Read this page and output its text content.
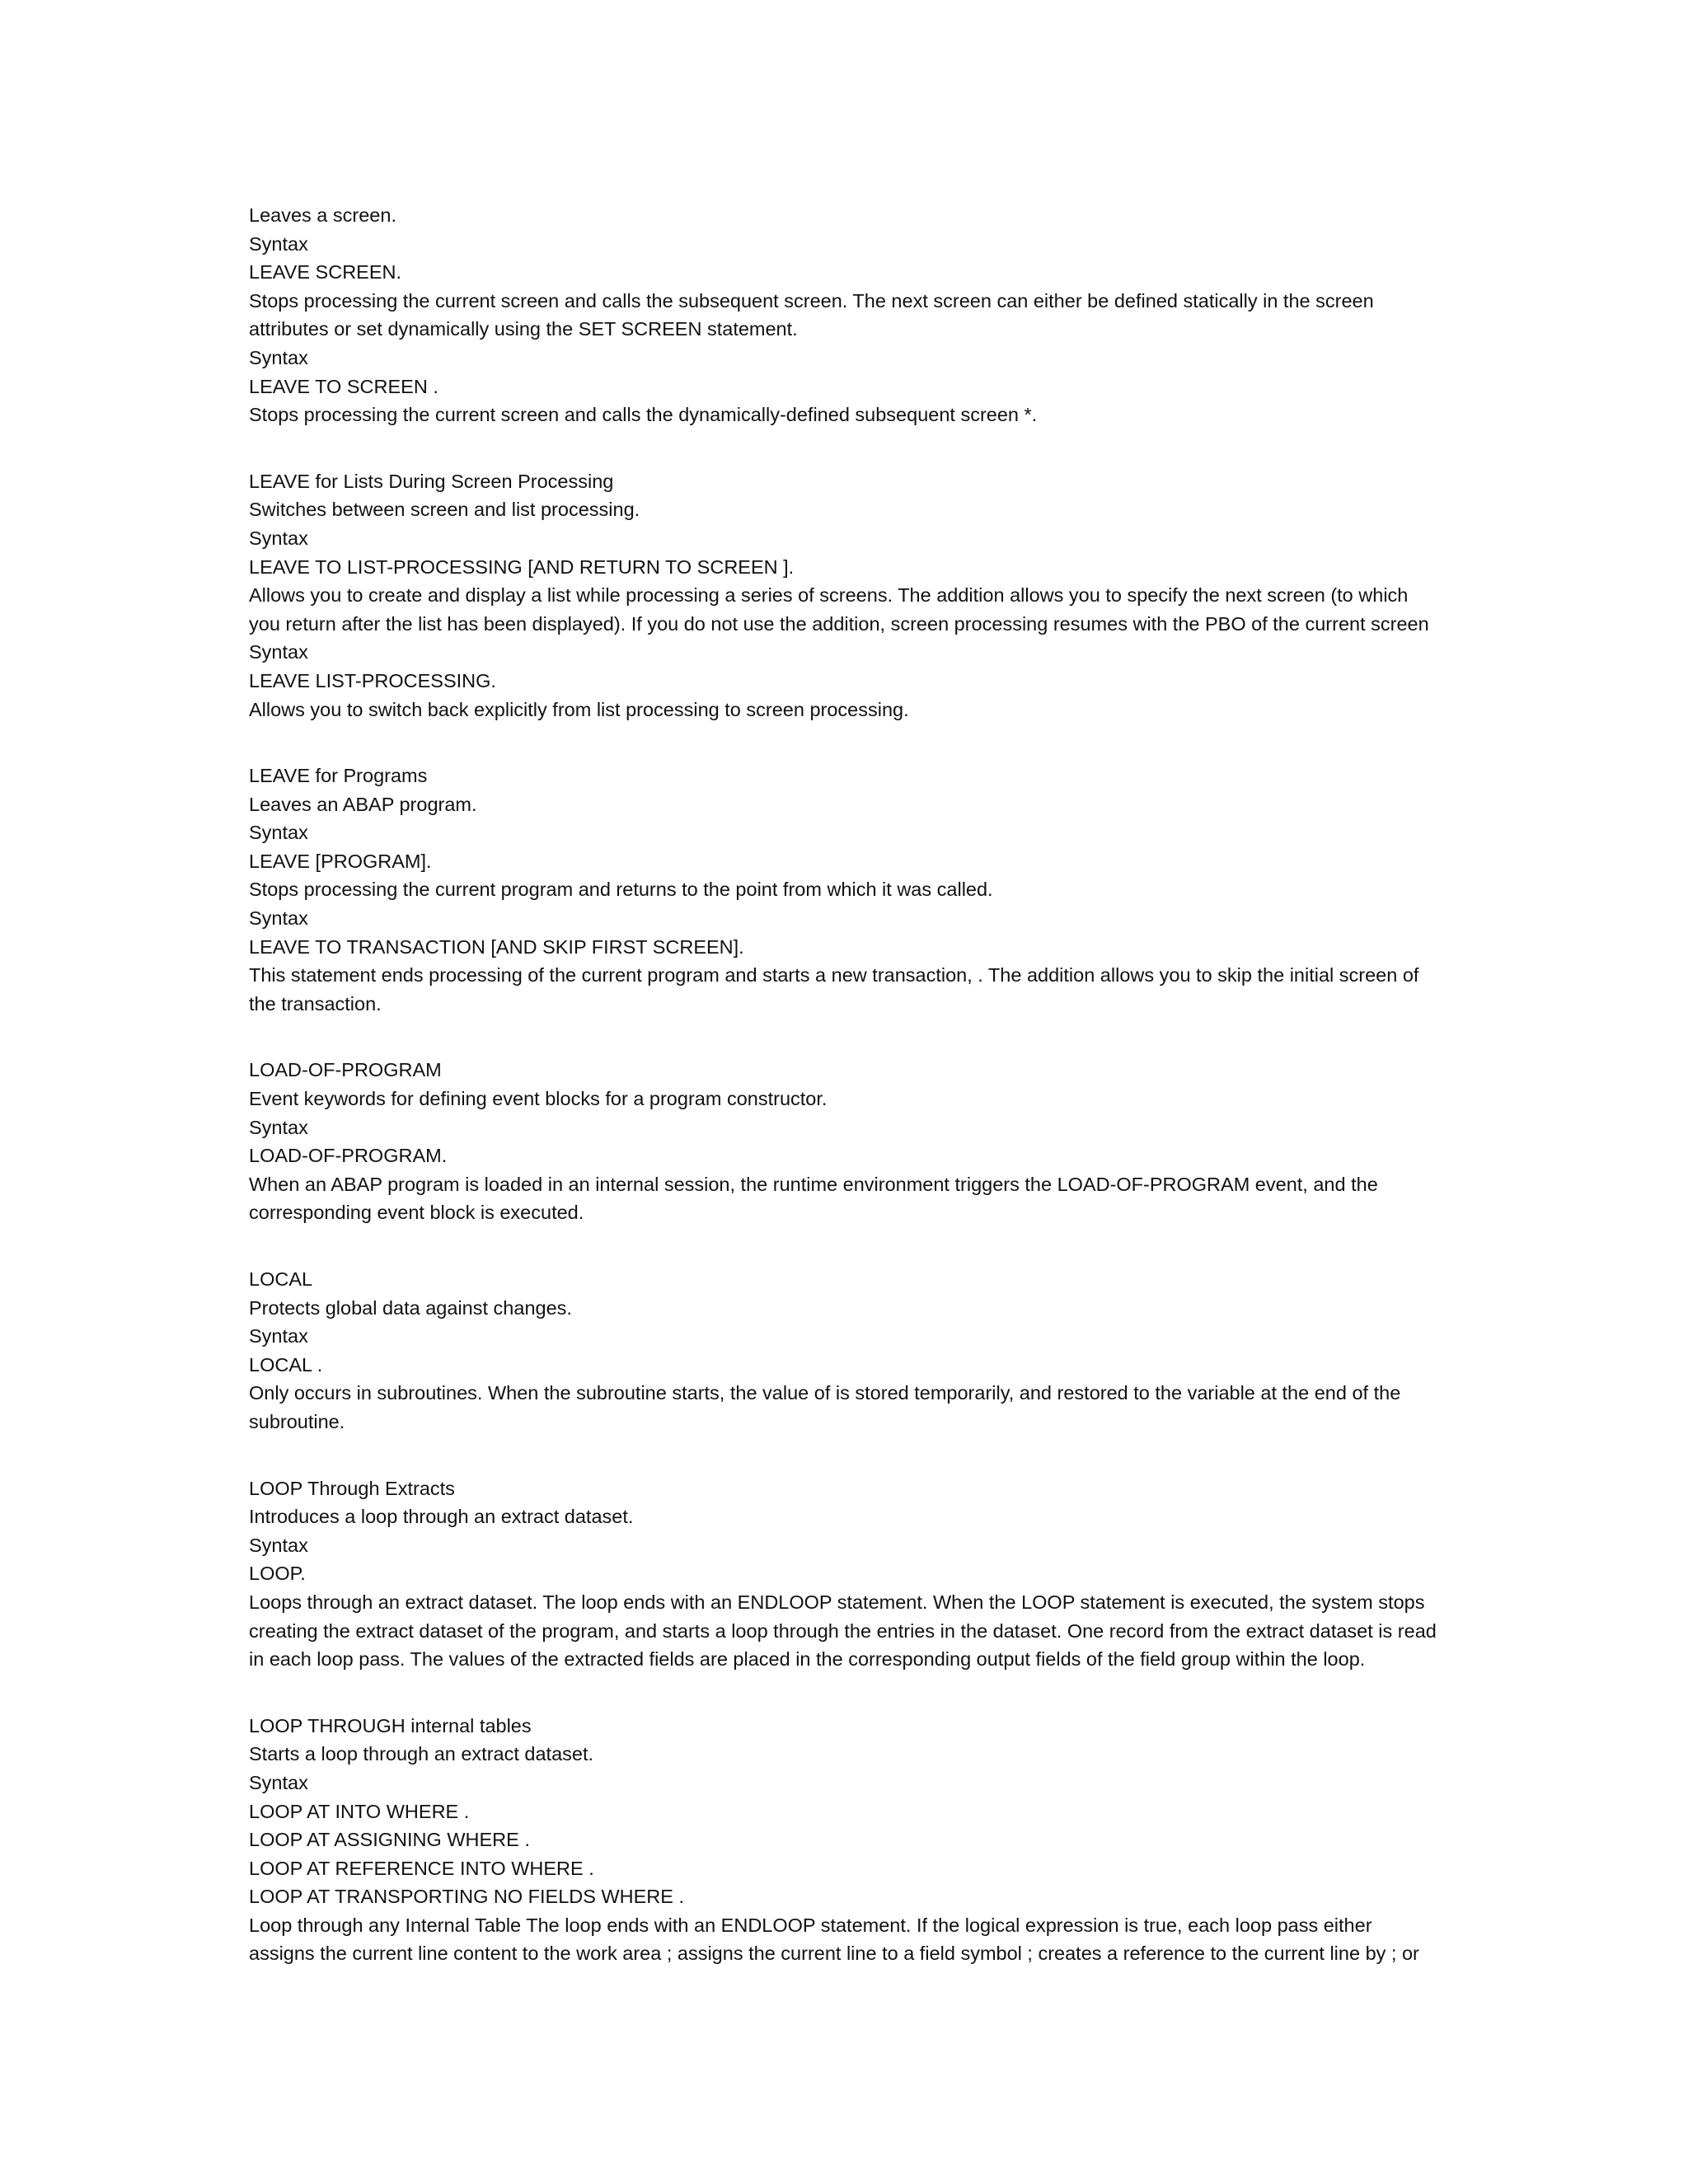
Leaves a screen.
Syntax
LEAVE SCREEN.
Stops processing the current screen and calls the subsequent screen. The next screen can either be defined statically in the screen
attributes or set dynamically using the SET SCREEN statement.
Syntax
LEAVE TO SCREEN .
Stops processing the current screen and calls the dynamically-defined subsequent screen *.
LEAVE for Lists During Screen Processing
Switches between screen and list processing.
Syntax
LEAVE TO LIST-PROCESSING [AND RETURN TO SCREEN ].
Allows you to create and display a list while processing a series of screens. The addition allows you to specify the next screen (to which
you return after the list has been displayed). If you do not use the addition, screen processing resumes with the PBO of the current screen
Syntax
LEAVE LIST-PROCESSING.
Allows you to switch back explicitly from list processing to screen processing.
LEAVE for Programs
Leaves an ABAP program.
Syntax
LEAVE [PROGRAM].
Stops processing the current program and returns to the point from which it was called.
Syntax
LEAVE TO TRANSACTION [AND SKIP FIRST SCREEN].
This statement ends processing of the current program and starts a new transaction, . The addition allows you to skip the initial screen of
the transaction.
LOAD-OF-PROGRAM
Event keywords for defining event blocks for a program constructor.
Syntax
LOAD-OF-PROGRAM.
When an ABAP program is loaded in an internal session, the runtime environment triggers the LOAD-OF-PROGRAM event, and the
corresponding event block is executed.
LOCAL
Protects global data against changes.
Syntax
LOCAL .
Only occurs in subroutines. When the subroutine starts, the value of is stored temporarily, and restored to the variable at the end of the
subroutine.
LOOP Through Extracts
Introduces a loop through an extract dataset.
Syntax
LOOP.
Loops through an extract dataset. The loop ends with an ENDLOOP statement. When the LOOP statement is executed, the system stops
creating the extract dataset of the program, and starts a loop through the entries in the dataset. One record from the extract dataset is read
in each loop pass. The values of the extracted fields are placed in the corresponding output fields of the field group within the loop.
LOOP THROUGH internal tables
Starts a loop through an extract dataset.
Syntax
LOOP AT INTO WHERE .
LOOP AT ASSIGNING WHERE .
LOOP AT REFERENCE INTO WHERE .
LOOP AT TRANSPORTING NO FIELDS WHERE .
Loop through any Internal Table The loop ends with an ENDLOOP statement. If the logical expression is true, each loop pass either
assigns the current line content to the work area ; assigns the current line to a field symbol ; creates a reference to the current line by ; or
